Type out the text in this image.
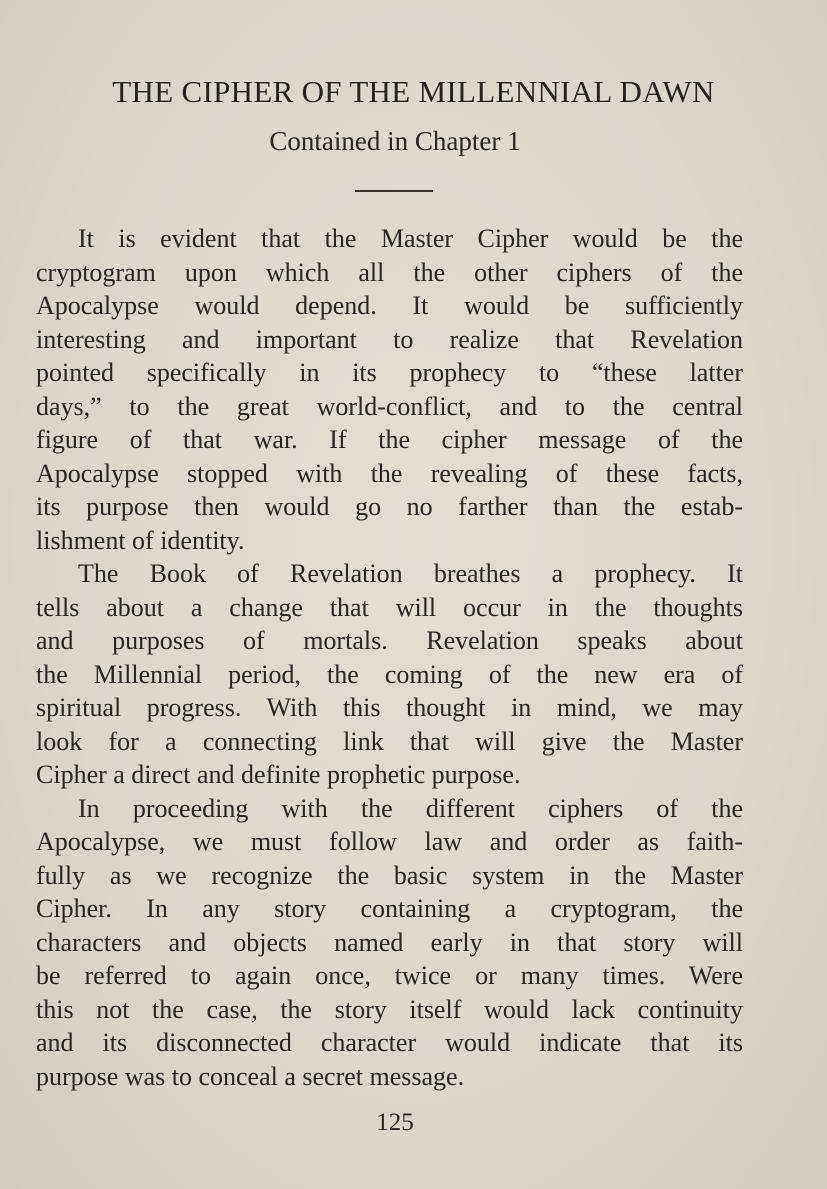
THE CIPHER OF THE MILLENNIAL DAWN
Contained in Chapter 1
It is evident that the Master Cipher would be the
cryptogram upon which all the other ciphers of the
Apocalypse would depend. It would be sufficiently
interesting and important to realize that Revelation
pointed specifically in its prophecy to “these latter
days,” to the great world-conflict, and to the central
figure of that war. If the cipher message of the
Apocalypse stopped with the revealing of these facts,
its purpose then would go no farther than the estab-
lishment of identity.
The Book of Revelation breathes a prophecy. It
tells about a change that will occur in the thoughts
and purposes of mortals. Revelation speaks about
the Millennial period, the coming of the new era of
spiritual progress. With this thought in mind, we may
look for a connecting link that will give the Master
Cipher a direct and definite prophetic purpose.
In proceeding with the different ciphers of the
Apocalypse, we must follow law and order as faith-
fully as we recognize the basic system in the Master
Cipher. In any story containing a cryptogram, the
characters and objects named early in that story will
be referred to again once, twice or many times. Were
this not the case, the story itself would lack continuity
and its disconnected character would indicate that its
purpose was to conceal a secret message.
125
